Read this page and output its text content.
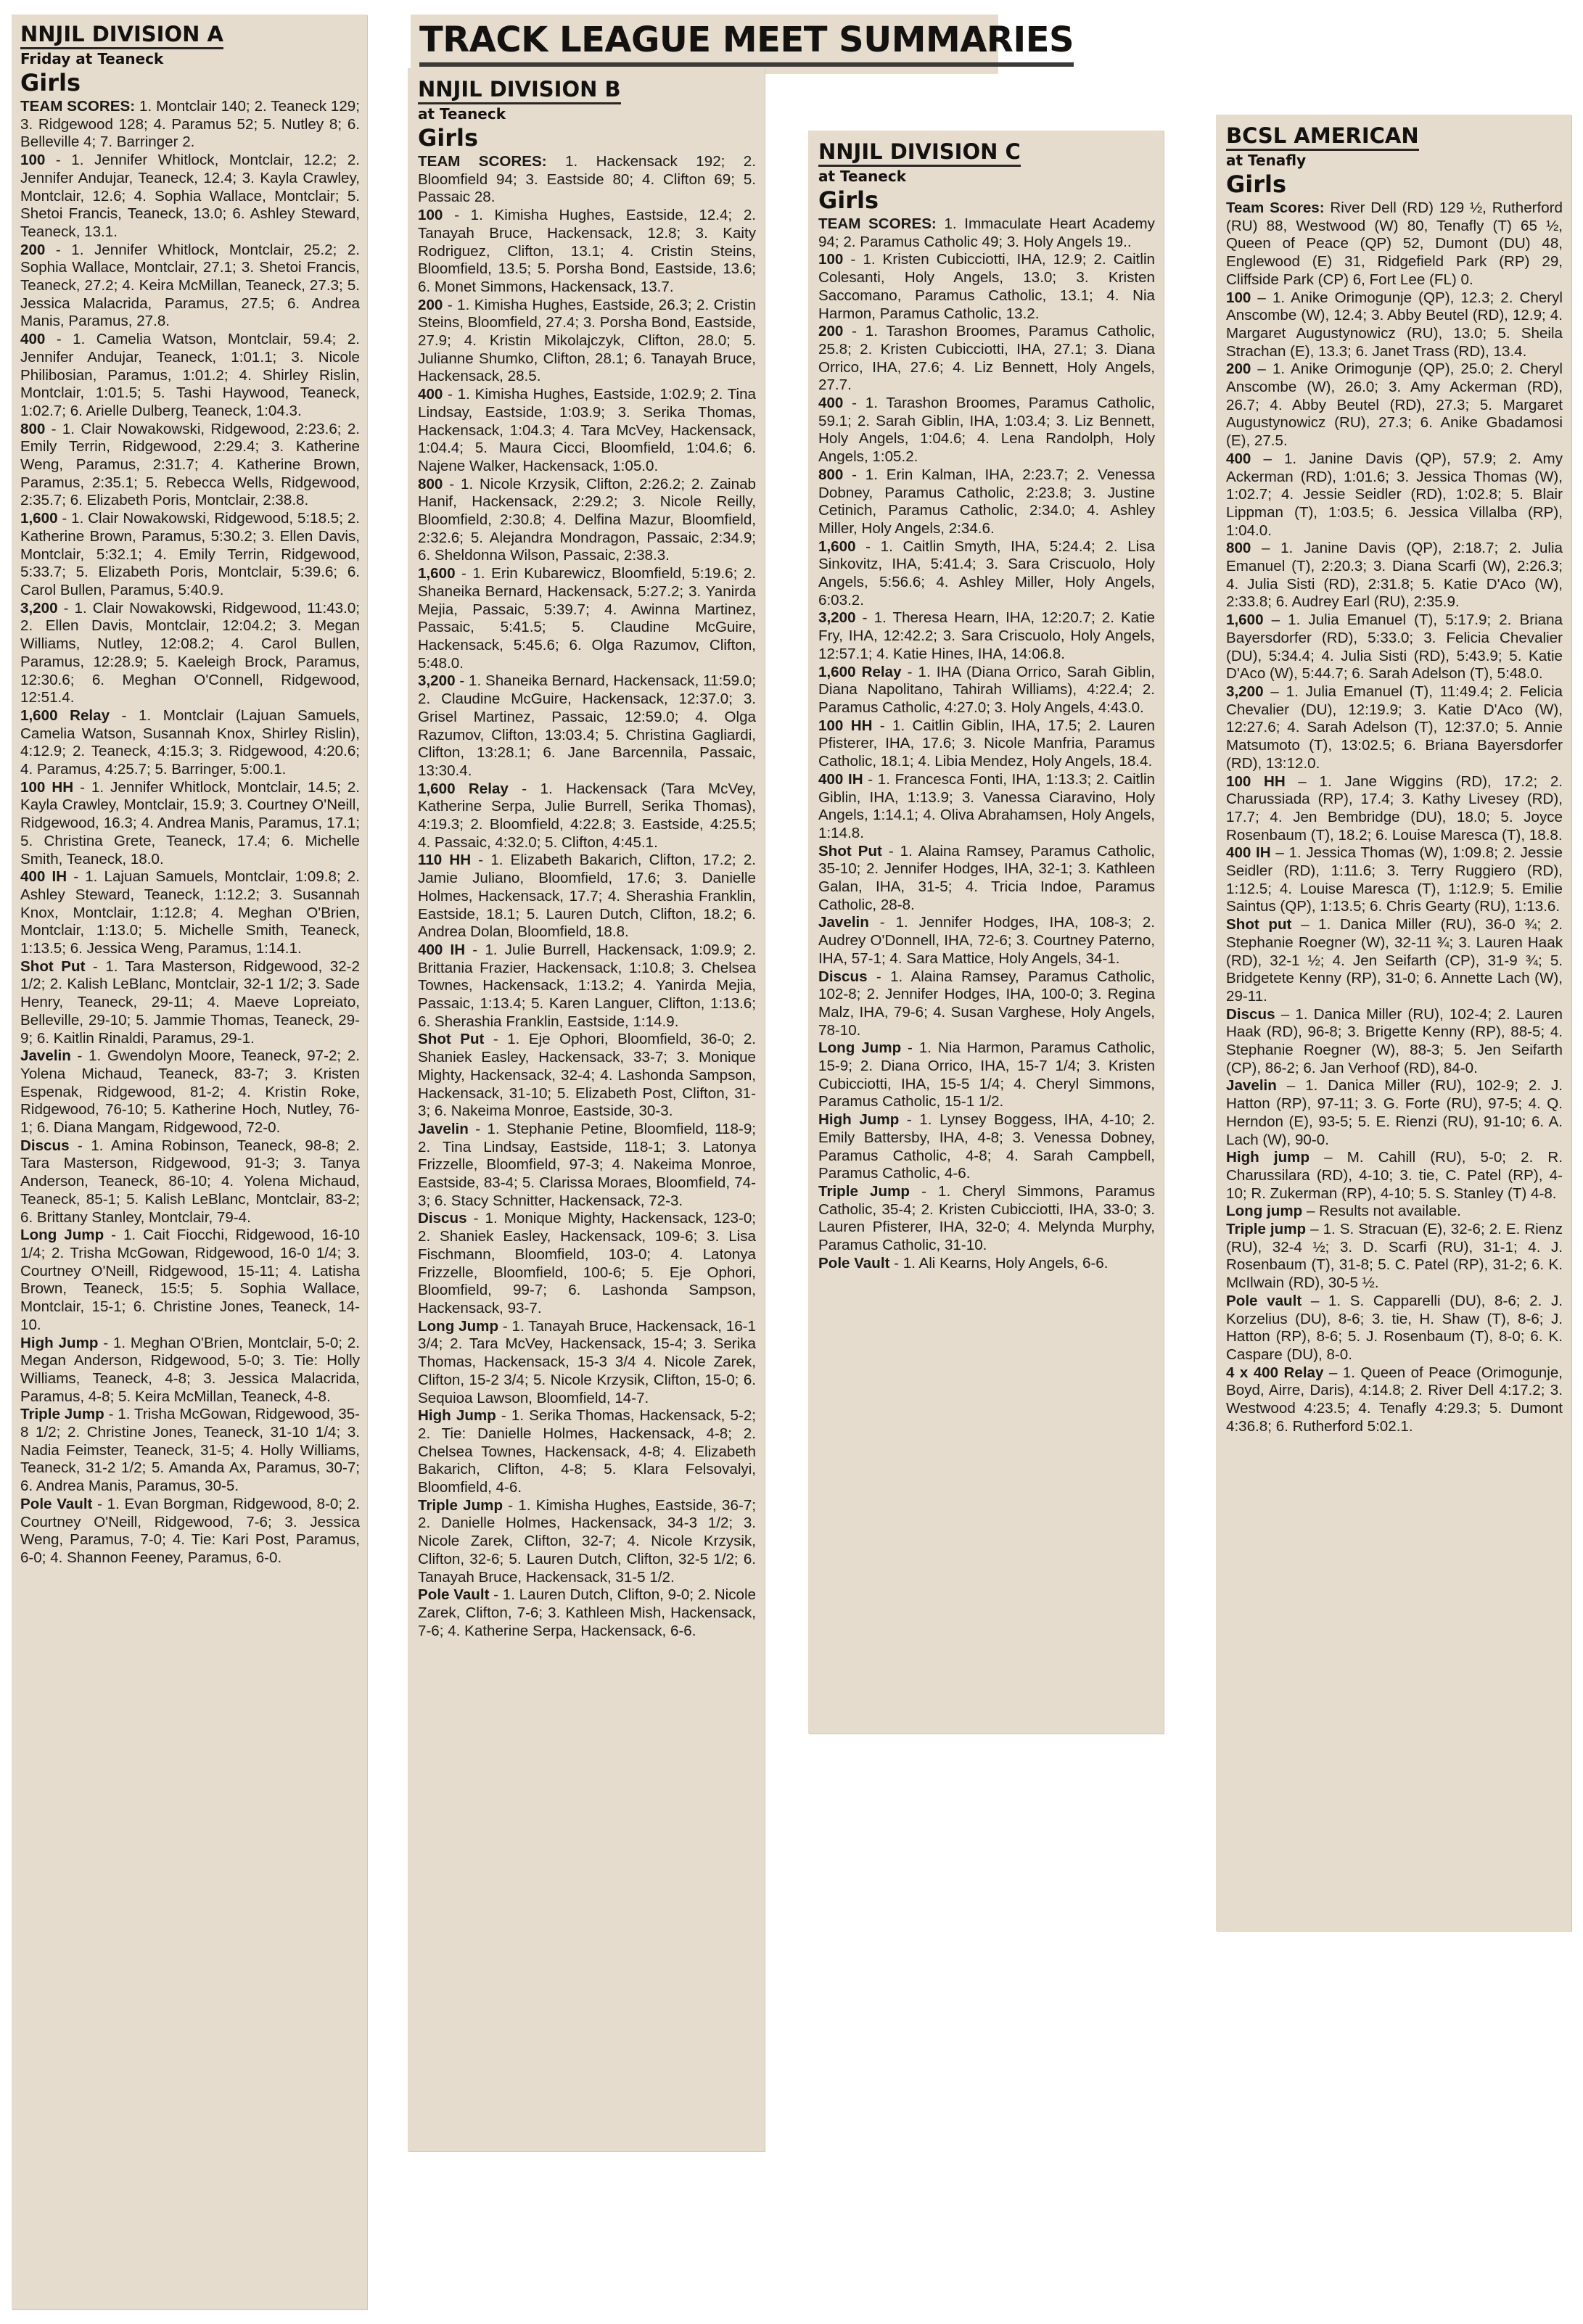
TRACK LEAGUE MEET SUMMARIES
NNJIL DIVISION A
Friday at Teaneck
Girls

TEAM SCORES: 1. Montclair 140; 2. Teaneck 129; 3. Ridgewood 128; 4. Paramus 52; 5. Nutley 8; 6. Belleville 4; 7. Barringer 2.

100 - 1. Jennifer Whitlock, Montclair, 12.2; 2. Jennifer Andujar, Teaneck, 12.4; 3. Kayla Crawley, Montclair, 12.6; 4. Sophia Wallace, Montclair; 5. Shetoi Francis, Teaneck, 13.0; 6. Ashley Steward, Teaneck, 13.1.

200 - 1. Jennifer Whitlock, Montclair, 25.2; 2. Sophia Wallace, Montclair, 27.1; 3. Shetoi Francis, Teaneck, 27.2; 4. Keira McMillan, Teaneck, 27.3; 5. Jessica Malacrida, Paramus, 27.5; 6. Andrea Manis, Paramus, 27.8.

400 - 1. Camelia Watson, Montclair, 59.4; 2. Jennifer Andujar, Teaneck, 1:01.1; 3. Nicole Philibosian, Paramus, 1:01.2; 4. Shirley Rislin, Montclair, 1:01.5; 5. Tashi Haywood, Teaneck, 1:02.7; 6. Arielle Dulberg, Teaneck, 1:04.3.

800 - 1. Clair Nowakowski, Ridgewood, 2:23.6; 2. Emily Terrin, Ridgewood, 2:29.4; 3. Katherine Weng, Paramus, 2:31.7; 4. Katherine Brown, Paramus, 2:35.1; 5. Rebecca Wells, Ridgewood, 2:35.7; 6. Elizabeth Poris, Montclair, 2:38.8.

1,600 - 1. Clair Nowakowski, Ridgewood, 5:18.5; 2. Katherine Brown, Paramus, 5:30.2; 3. Ellen Davis, Montclair, 5:32.1; 4. Emily Terrin, Ridgewood, 5:33.7; 5. Elizabeth Poris, Montclair, 5:39.6; 6. Carol Bullen, Paramus, 5:40.9.

3,200 - 1. Clair Nowakowski, Ridgewood, 11:43.0; 2. Ellen Davis, Montclair, 12:04.2; 3. Megan Williams, Nutley, 12:08.2; 4. Carol Bullen, Paramus, 12:28.9; 5. Kaeleigh Brock, Paramus, 12:30.6; 6. Meghan O'Connell, Ridgewood, 12:51.4.

1,600 Relay - 1. Montclair (Lajuan Samuels, Camelia Watson, Susannah Knox, Shirley Rislin), 4:12.9; 2. Teaneck, 4:15.3; 3. Ridgewood, 4:20.6; 4. Paramus, 4:25.7; 5. Barringer, 5:00.1.

100 HH - 1. Jennifer Whitlock, Montclair, 14.5; 2. Kayla Crawley, Montclair, 15.9; 3. Courtney O'Neill, Ridgewood, 16.3; 4. Andrea Manis, Paramus, 17.1; 5. Christina Grete, Teaneck, 17.4; 6. Michelle Smith, Teaneck, 18.0.

400 IH - 1. Lajuan Samuels, Montclair, 1:09.8; 2. Ashley Steward, Teaneck, 1:12.2; 3. Susannah Knox, Montclair, 1:12.8; 4. Meghan O'Brien, Montclair, 1:13.0; 5. Michelle Smith, Teaneck, 1:13.5; 6. Jessica Weng, Paramus, 1:14.1.

Shot Put - 1. Tara Masterson, Ridgewood, 32-2 1/2; 2. Kalish LeBlanc, Montclair, 32-1 1/2; 3. Sade Henry, Teaneck, 29-11; 4. Maeve Lopreiato, Belleville, 29-10; 5. Jammie Thomas, Teaneck, 29-9; 6. Kaitlin Rinaldi, Paramus, 29-1.

Javelin - 1. Gwendolyn Moore, Teaneck, 97-2; 2. Yolena Michaud, Teaneck, 83-7; 3. Kristen Espenak, Ridgewood, 81-2; 4. Kristin Roke, Ridgewood, 76-10; 5. Katherine Hoch, Nutley, 76-1; 6. Diana Mangam, Ridgewood, 72-0.

Discus - 1. Amina Robinson, Teaneck, 98-8; 2. Tara Masterson, Ridgewood, 91-3; 3. Tanya Anderson, Teaneck, 86-10; 4. Yolena Michaud, Teaneck, 85-1; 5. Kalish LeBlanc, Montclair, 83-2; 6. Brittany Stanley, Montclair, 79-4.

Long Jump - 1. Cait Fiocchi, Ridgewood, 16-10 1/4; 2. Trisha McGowan, Ridgewood, 16-0 1/4; 3. Courtney O'Neill, Ridgewood, 15-11; 4. Latisha Brown, Teaneck, 15:5; 5. Sophia Wallace, Montclair, 15-1; 6. Christine Jones, Teaneck, 14-10.

High Jump - 1. Meghan O'Brien, Montclair, 5-0; 2. Megan Anderson, Ridgewood, 5-0; 3. Tie: Holly Williams, Teaneck, 4-8; 3. Jessica Malacrida, Paramus, 4-8; 5. Keira McMillan, Teaneck, 4-8.

Triple Jump - 1. Trisha McGowan, Ridgewood, 35-8 1/2; 2. Christine Jones, Teaneck, 31-10 1/4; 3. Nadia Feimster, Teaneck, 31-5; 4. Holly Williams, Teaneck, 31-2 1/2; 5. Amanda Ax, Paramus, 30-7; 6. Andrea Manis, Paramus, 30-5.

Pole Vault - 1. Evan Borgman, Ridgewood, 8-0; 2. Courtney O'Neill, Ridgewood, 7-6; 3. Jessica Weng, Paramus, 7-0; 4. Tie: Kari Post, Paramus, 6-0; 4. Shannon Feeney, Paramus, 6-0.

NNJIL DIVISION B
at Teaneck
Girls

TEAM SCORES: 1. Hackensack 192; 2. Bloomfield 94; 3. Eastside 80; 4. Clifton 69; 5. Passaic 28.

100 - 1. Kimisha Hughes, Eastside, 12.4; 2. Tanayah Bruce, Hackensack, 12.8; 3. Kaity Rodriguez, Clifton, 13.1; 4. Cristin Steins, Bloomfield, 13.5; 5. Porsha Bond, Eastside, 13.6; 6. Monet Simmons, Hackensack, 13.7.

200 - 1. Kimisha Hughes, Eastside, 26.3; 2. Cristin Steins, Bloomfield, 27.4; 3. Porsha Bond, Eastside, 27.9; 4. Kristin Mikolajczyk, Clifton, 28.0; 5. Julianne Shumko, Clifton, 28.1; 6. Tanayah Bruce, Hackensack, 28.5.

400 - 1. Kimisha Hughes, Eastside, 1:02.9; 2. Tina Lindsay, Eastside, 1:03.9; 3. Serika Thomas, Hackensack, 1:04.3; 4. Tara McVey, Hackensack, 1:04.4; 5. Maura Cicci, Bloomfield, 1:04.6; 6. Najene Walker, Hackensack, 1:05.0.

800 - 1. Nicole Krzysik, Clifton, 2:26.2; 2. Zainab Hanif, Hackensack, 2:29.2; 3. Nicole Reilly, Bloomfield, 2:30.8; 4. Delfina Mazur, Bloomfield, 2:32.6; 5. Alejandra Mondragon, Passaic, 2:34.9; 6. Sheldonna Wilson, Passaic, 2:38.3.

1,600 - 1. Erin Kubarewicz, Bloomfield, 5:19.6; 2. Shaneika Bernard, Hackensack, 5:27.2; 3. Yanirda Mejia, Passaic, 5:39.7; 4. Awinna Martinez, Passaic, 5:41.5; 5. Claudine McGuire, Hackensack, 5:45.6; 6. Olga Razumov, Clifton, 5:48.0.

3,200 - 1. Shaneika Bernard, Hackensack, 11:59.0; 2. Claudine McGuire, Hackensack, 12:37.0; 3. Grisel Martinez, Passaic, 12:59.0; 4. Olga Razumov, Clifton, 13:03.4; 5. Christina Gagliardi, Clifton, 13:28.1; 6. Jane Barcennila, Passaic, 13:30.4.

1,600 Relay - 1. Hackensack (Tara McVey, Katherine Serpa, Julie Burrell, Serika Thomas), 4:19.3; 2. Bloomfield, 4:22.8; 3. Eastside, 4:25.5; 4. Passaic, 4:32.0; 5. Clifton, 4:45.1.

110 HH - 1. Elizabeth Bakarich, Clifton, 17.2; 2. Jamie Juliano, Bloomfield, 17.6; 3. Danielle Holmes, Hackensack, 17.7; 4. Sherashia Franklin, Eastside, 18.1; 5. Lauren Dutch, Clifton, 18.2; 6. Andrea Dolan, Bloomfield, 18.8.

400 IH - 1. Julie Burrell, Hackensack, 1:09.9; 2. Brittania Frazier, Hackensack, 1:10.8; 3. Chelsea Townes, Hackensack, 1:13.2; 4. Yanirda Mejia, Passaic, 1:13.4; 5. Karen Languer, Clifton, 1:13.6; 6. Sherashia Franklin, Eastside, 1:14.9.

Shot Put - 1. Eje Ophori, Bloomfield, 36-0; 2. Shaniek Easley, Hackensack, 33-7; 3. Monique Mighty, Hackensack, 32-4; 4. Lashonda Sampson, Hackensack, 31-10; 5. Elizabeth Post, Clifton, 31-3; 6. Nakeima Monroe, Eastside, 30-3.

Javelin - 1. Stephanie Petine, Bloomfield, 118-9; 2. Tina Lindsay, Eastside, 118-1; 3. Latonya Frizzelle, Bloomfield, 97-3; 4. Nakeima Monroe, Eastside, 83-4; 5. Clarissa Moraes, Bloomfield, 74-3; 6. Stacy Schnitter, Hackensack, 72-3.

Discus - 1. Monique Mighty, Hackensack, 123-0; 2. Shaniek Easley, Hackensack, 109-6; 3. Lisa Fischmann, Bloomfield, 103-0; 4. Latonya Frizzelle, Bloomfield, 100-6; 5. Eje Ophori, Bloomfield, 99-7; 6. Lashonda Sampson, Hackensack, 93-7.

Long Jump - 1. Tanayah Bruce, Hackensack, 16-1 3/4; 2. Tara McVey, Hackensack, 15-4; 3. Serika Thomas, Hackensack, 15-3 3/4 4. Nicole Zarek, Clifton, 15-2 3/4; 5. Nicole Krzysik, Clifton, 15-0; 6. Sequioa Lawson, Bloomfield, 14-7.

High Jump - 1. Serika Thomas, Hackensack, 5-2; 2. Tie: Danielle Holmes, Hackensack, 4-8; 2. Chelsea Townes, Hackensack, 4-8; 4. Elizabeth Bakarich, Clifton, 4-8; 5. Klara Felsovalyi, Bloomfield, 4-6.

Triple Jump - 1. Kimisha Hughes, Eastside, 36-7; 2. Danielle Holmes, Hackensack, 34-3 1/2; 3. Nicole Zarek, Clifton, 32-7; 4. Nicole Krzysik, Clifton, 32-6; 5. Lauren Dutch, Clifton, 32-5 1/2; 6. Tanayah Bruce, Hackensack, 31-5 1/2.

Pole Vault - 1. Lauren Dutch, Clifton, 9-0; 2. Nicole Zarek, Clifton, 7-6; 3. Kathleen Mish, Hackensack, 7-6; 4. Katherine Serpa, Hackensack, 6-6.

NNJIL DIVISION C
at Teaneck
Girls

TEAM SCORES: 1. Immaculate Heart Academy 94; 2. Paramus Catholic 49; 3. Holy Angels 19..

100 - 1. Kristen Cubicciotti, IHA, 12.9; 2. Caitlin Colesanti, Holy Angels, 13.0; 3. Kristen Saccomano, Paramus Catholic, 13.1; 4. Nia Harmon, Paramus Catholic, 13.2.

200 - 1. Tarashon Broomes, Paramus Catholic, 25.8; 2. Kristen Cubicciotti, IHA, 27.1; 3. Diana Orrico, IHA, 27.6; 4. Liz Bennett, Holy Angels, 27.7.

400 - 1. Tarashon Broomes, Paramus Catholic, 59.1; 2. Sarah Giblin, IHA, 1:03.4; 3. Liz Bennett, Holy Angels, 1:04.6; 4. Lena Randolph, Holy Angels, 1:05.2.

800 - 1. Erin Kalman, IHA, 2:23.7; 2. Venessa Dobney, Paramus Catholic, 2:23.8; 3. Justine Cetinich, Paramus Catholic, 2:34.0; 4. Ashley Miller, Holy Angels, 2:34.6.

1,600 - 1. Caitlin Smyth, IHA, 5:24.4; 2. Lisa Sinkovitz, IHA, 5:41.4; 3. Sara Criscuolo, Holy Angels, 5:56.6; 4. Ashley Miller, Holy Angels, 6:03.2.

3,200 - 1. Theresa Hearn, IHA, 12:20.7; 2. Katie Fry, IHA, 12:42.2; 3. Sara Criscuolo, Holy Angels, 12:57.1; 4. Katie Hines, IHA, 14:06.8.

1,600 Relay - 1. IHA (Diana Orrico, Sarah Giblin, Diana Napolitano, Tahirah Williams), 4:22.4; 2. Paramus Catholic, 4:27.0; 3. Holy Angels, 4:43.0.

100 HH - 1. Caitlin Giblin, IHA, 17.5; 2. Lauren Pfisterer, IHA, 17.6; 3. Nicole Manfria, Paramus Catholic, 18.1; 4. Libia Mendez, Holy Angels, 18.4.

400 IH - 1. Francesca Fonti, IHA, 1:13.3; 2. Caitlin Giblin, IHA, 1:13.9; 3. Vanessa Ciaravino, Holy Angels, 1:14.1; 4. Oliva Abrahamsen, Holy Angels, 1:14.8.

Shot Put - 1. Alaina Ramsey, Paramus Catholic, 35-10; 2. Jennifer Hodges, IHA, 32-1; 3. Kathleen Galan, IHA, 31-5; 4. Tricia Indoe, Paramus Catholic, 28-8.

Javelin - 1. Jennifer Hodges, IHA, 108-3; 2. Audrey O'Donnell, IHA, 72-6; 3. Courtney Paterno, IHA, 57-1; 4. Sara Mattice, Holy Angels, 34-1.

Discus - 1. Alaina Ramsey, Paramus Catholic, 102-8; 2. Jennifer Hodges, IHA, 100-0; 3. Regina Malz, IHA, 79-6; 4. Susan Varghese, Holy Angels, 78-10.

Long Jump - 1. Nia Harmon, Paramus Catholic, 15-9; 2. Diana Orrico, IHA, 15-7 1/4; 3. Kristen Cubicciotti, IHA, 15-5 1/4; 4. Cheryl Simmons, Paramus Catholic, 15-1 1/2.

High Jump - 1. Lynsey Boggess, IHA, 4-10; 2. Emily Battersby, IHA, 4-8; 3. Venessa Dobney, Paramus Catholic, 4-8; 4. Sarah Campbell, Paramus Catholic, 4-6.

Triple Jump - 1. Cheryl Simmons, Paramus Catholic, 35-4; 2. Kristen Cubicciotti, IHA, 33-0; 3. Lauren Pfisterer, IHA, 32-0; 4. Melynda Murphy, Paramus Catholic, 31-10.

Pole Vault - 1. Ali Kearns, Holy Angels, 6-6.

BCSL AMERICAN
at Tenafly
Girls

Team Scores: River Dell (RD) 129 ½, Rutherford (RU) 88, Westwood (W) 80, Tenafly (T) 65 ½, Queen of Peace (QP) 52, Dumont (DU) 48, Englewood (E) 31, Ridgefield Park (RP) 29, Cliffside Park (CP) 6, Fort Lee (FL) 0.

100 – 1. Anike Orimogunje (QP), 12.3; 2. Cheryl Anscombe (W), 12.4; 3. Abby Beutel (RD), 12.9; 4. Margaret Augustynowicz (RU), 13.0; 5. Sheila Strachan (E), 13.3; 6. Janet Trass (RD), 13.4.

200 – 1. Anike Orimogunje (QP), 25.0; 2. Cheryl Anscombe (W), 26.0; 3. Amy Ackerman (RD), 26.7; 4. Abby Beutel (RD), 27.3; 5. Margaret Augustynowicz (RU), 27.3; 6. Anike Gbadamosi (E), 27.5.

400 – 1. Janine Davis (QP), 57.9; 2. Amy Ackerman (RD), 1:01.6; 3. Jessica Thomas (W), 1:02.7; 4. Jessie Seidler (RD), 1:02.8; 5. Blair Lippman (T), 1:03.5; 6. Jessica Villalba (RP), 1:04.0.

800 – 1. Janine Davis (QP), 2:18.7; 2. Julia Emanuel (T), 2:20.3; 3. Diana Scarfi (W), 2:26.3; 4. Julia Sisti (RD), 2:31.8; 5. Katie D'Aco (W), 2:33.8; 6. Audrey Earl (RU), 2:35.9.

1,600 – 1. Julia Emanuel (T), 5:17.9; 2. Briana Bayersdorfer (RD), 5:33.0; 3. Felicia Chevalier (DU), 5:34.4; 4. Julia Sisti (RD), 5:43.9; 5. Katie D'Aco (W), 5:44.7; 6. Sarah Adelson (T), 5:48.0.

3,200 – 1. Julia Emanuel (T), 11:49.4; 2. Felicia Chevalier (DU), 12:19.9; 3. Katie D'Aco (W), 12:27.6; 4. Sarah Adelson (T), 12:37.0; 5. Annie Matsumoto (T), 13:02.5; 6. Briana Bayersdorfer (RD), 13:12.0.

100 HH – 1. Jane Wiggins (RD), 17.2; 2. Charussiada (RP), 17.4; 3. Kathy Livesey (RD), 17.7; 4. Jen Bembridge (DU), 18.0; 5. Joyce Rosenbaum (T), 18.2; 6. Louise Maresca (T), 18.8.

400 IH – 1. Jessica Thomas (W), 1:09.8; 2. Jessie Seidler (RD), 1:11.6; 3. Terry Ruggiero (RD), 1:12.5; 4. Louise Maresca (T), 1:12.9; 5. Emilie Saintus (QP), 1:13.5; 6. Chris Gearty (RU), 1:13.6.

Shot put – 1. Danica Miller (RU), 36-0 ¾; 2. Stephanie Roegner (W), 32-11 ¾; 3. Lauren Haak (RD), 32-1 ½; 4. Jen Seifarth (CP), 31-9 ¾; 5. Bridgetete Kenny (RP), 31-0; 6. Annette Lach (W), 29-11.

Discus – 1. Danica Miller (RU), 102-4; 2. Lauren Haak (RD), 96-8; 3. Brigette Kenny (RP), 88-5; 4. Stephanie Roegner (W), 88-3; 5. Jen Seifarth (CP), 86-2; 6. Jan Verhoof (RD), 84-0.

Javelin – 1. Danica Miller (RU), 102-9; 2. J. Hatton (RP), 97-11; 3. G. Forte (RU), 97-5; 4. Q. Herndon (E), 93-5; 5. E. Rienzi (RU), 91-10; 6. A. Lach (W), 90-0.

High jump – M. Cahill (RU), 5-0; 2. R. Charussilara (RD), 4-10; 3. tie, C. Patel (RP), 4-10; R. Zukerman (RP), 4-10; 5. S. Stanley (T) 4-8.

Long jump – Results not available.

Triple jump – 1. S. Stracuan (E), 32-6; 2. E. Rienz (RU), 32-4 ½; 3. D. Scarfi (RU), 31-1; 4. J. Rosenbaum (T), 31-8; 5. C. Patel (RP), 31-2; 6. K. McIlwain (RD), 30-5 ½.

Pole vault – 1. S. Capparelli (DU), 8-6; 2. J. Korzelius (DU), 8-6; 3. tie, H. Shaw (T), 8-6; J. Hatton (RP), 8-6; 5. J. Rosenbaum (T), 8-0; 6. K. Caspare (DU), 8-0.

4 x 400 Relay – 1. Queen of Peace (Orimogunje, Boyd, Airre, Daris), 4:14.8; 2. River Dell 4:17.2; 3. Westwood 4:23.5; 4. Tenafly 4:29.3; 5. Dumont 4:36.8; 6. Rutherford 5:02.1.
